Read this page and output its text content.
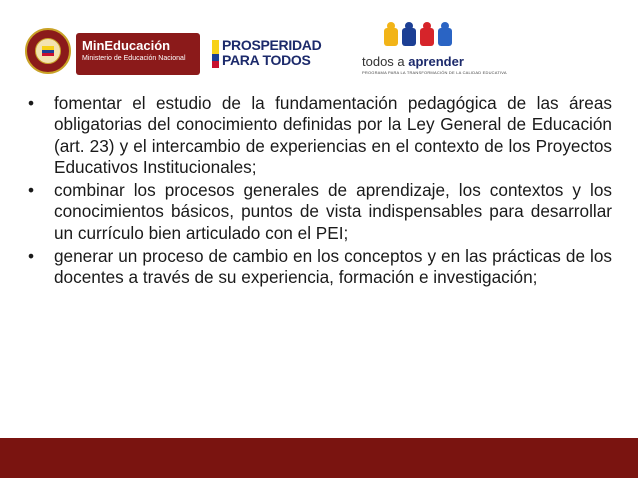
MinEducación
Ministerio de Educación Nacional
PROSPERIDAD
PARA TODOS	todos a aprender
PROGRAMA PARA LA TRANSFORMACIÓN DE LA CALIDAD EDUCATIVA
• fomentar el estudio de la fundamentación pedagógica de las áreas obligatorias del conocimiento definidas por la Ley General de Educación (art. 23) y el intercambio de experiencias en el contexto de los Proyectos Educativos Institucionales;
• combinar los procesos generales de aprendizaje, los contextos y los conocimientos básicos, puntos de vista indispensables para desarrollar un currículo bien articulado con el PEI;
• generar un proceso de cambio en los conceptos y en las prácticas de los docentes a través de su experiencia, formación e investigación;
